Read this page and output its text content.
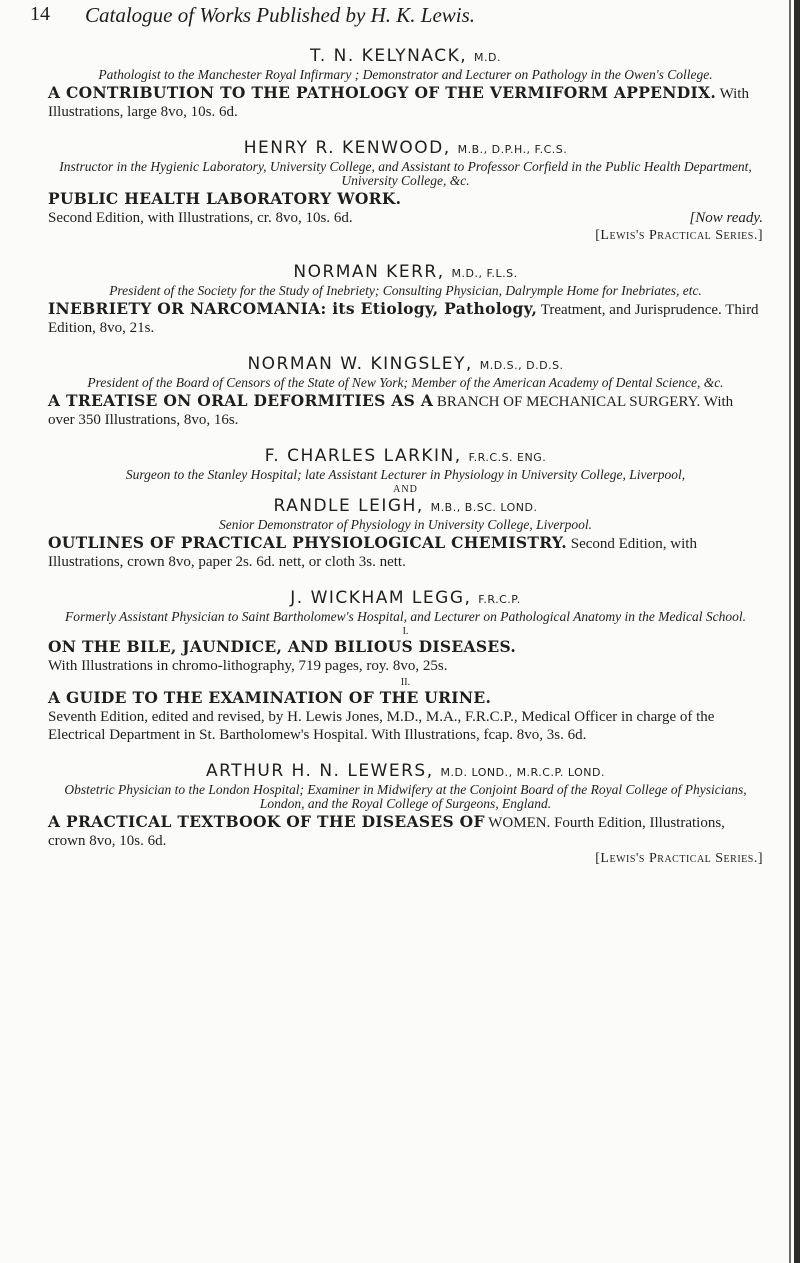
14 Catalogue of Works Published by H. K. Lewis.

T. N. KELYNACK, M.D.

Pathologist to the Manchester Royal Infirmary ; Demonstrator and Lecturer on Pathology in the Owen's College.

A CONTRIBUTION TO THE PATHOLOGY OF THE VERMIFORM APPENDIX. With Illustrations, large 8vo, 10s. 6d.

HENRY R. KENWOOD, M.B., D.P.H., F.C.S.

Instructor in the Hygienic Laboratory, University College, and Assistant to Professor Corfield in the Public Health Department, University College, &c.

PUBLIC HEALTH LABORATORY WORK.
Second Edition, with Illustrations, cr. 8vo, 10s. 6d.	[Now ready.

[Lewis's Practical Series.]

NORMAN KERR, M.D., F.L.S.

President of the Society for the Study of Inebriety; Consulting Physician, Dalrymple Home for Inebriates, etc.

INEBRIETY OR NARCOMANIA: its Etiology, Pathology, Treatment, and Jurisprudence. Third Edition, 8vo, 21s.

NORMAN W. KINGSLEY, M.D.S., D.D.S.

President of the Board of Censors of the State of New York; Member of the American Academy of Dental Science, &c.

A TREATISE ON ORAL DEFORMITIES AS A BRANCH OF MECHANICAL SURGERY. With over 350 Illustrations, 8vo, 16s.

F. CHARLES LARKIN, F.R.C.S. ENG.

Surgeon to the Stanley Hospital; late Assistant Lecturer in Physiology in University College, Liverpool,

AND

RANDLE LEIGH, M.B., B.SC. LOND.

Senior Demonstrator of Physiology in University College, Liverpool.

OUTLINES OF PRACTICAL PHYSIOLOGICAL CHEMISTRY. Second Edition, with Illustrations, crown 8vo, paper 2s. 6d. nett, or cloth 3s. nett.

J. WICKHAM LEGG, F.R.C.P.

Formerly Assistant Physician to Saint Bartholomew's Hospital, and Lecturer on Pathological Anatomy in the Medical School.

I.

ON THE BILE, JAUNDICE, AND BILIOUS DISEASES.
With Illustrations in chromo-lithography, 719 pages, roy. 8vo, 25s.

II.

A GUIDE TO THE EXAMINATION OF THE URINE.
Seventh Edition, edited and revised, by H. Lewis Jones, M.D., M.A., F.R.C.P., Medical Officer in charge of the Electrical Department in St. Bartholomew's Hospital. With Illustrations, fcap. 8vo, 3s. 6d.

ARTHUR H. N. LEWERS, M.D. LOND., M.R.C.P. LOND.

Obstetric Physician to the London Hospital; Examiner in Midwifery at the Conjoint Board of the Royal College of Physicians, London, and the Royal College of Surgeons, England.

A PRACTICAL TEXTBOOK OF THE DISEASES OF WOMEN. Fourth Edition, Illustrations, crown 8vo, 10s. 6d.

[Lewis's Practical Series.]
